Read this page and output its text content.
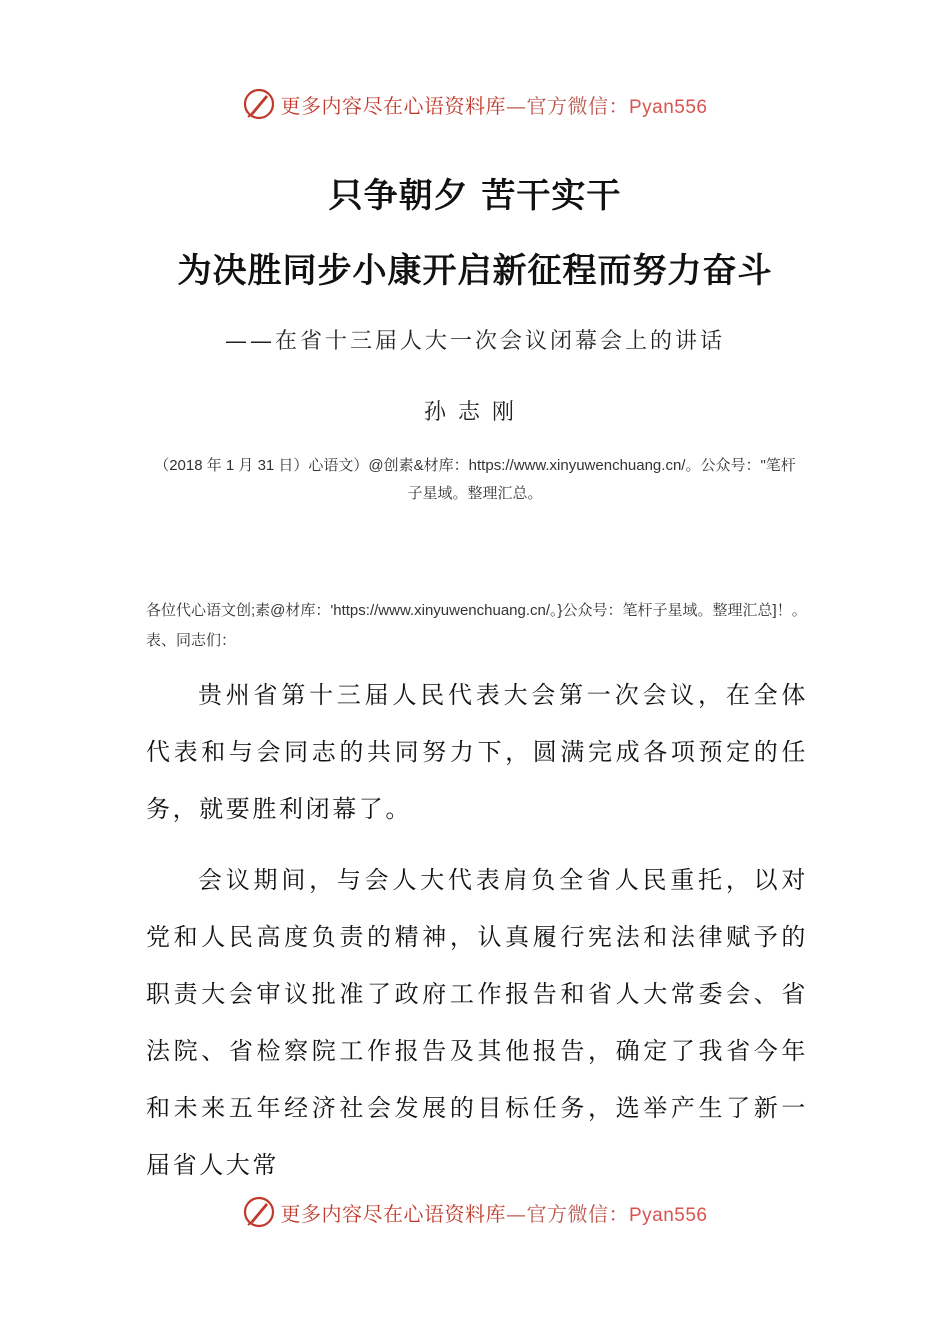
更多内容尽在心语资料库—官方微信：Pyan556
只争朝夕 苦干实干
为决胜同步小康开启新征程而努力奋斗
——在省十三届人大一次会议闭幕会上的讲话
孙志刚
（2018 年 1 月 31 日）心语文）@创素&材库：https://www.xinyuwenchuang.cn/。公众号："笔杆子星域。整理汇总。
各位代心语文创;素@材库：'https://www.xinyuwenchuang.cn/。}公众号：笔杆子星域。整理汇总]！。表、同志们：

贵州省第十三届人民代表大会第一次会议，在全体代表和与会同志的共同努力下，圆满完成各项预定的任务，就要胜利闭幕了。

会议期间，与会人大代表肩负全省人民重托，以对党和人民高度负责的精神，认真履行宪法和法律赋予的职责大会审议批准了政府工作报告和省人大常委会、省法院、省检察院工作报告及其他报告，确定了我省今年和未来五年经济社会发展的目标任务，选举产生了新一届省人大常

更多内容尽在心语资料库—官方微信：Pyan556
